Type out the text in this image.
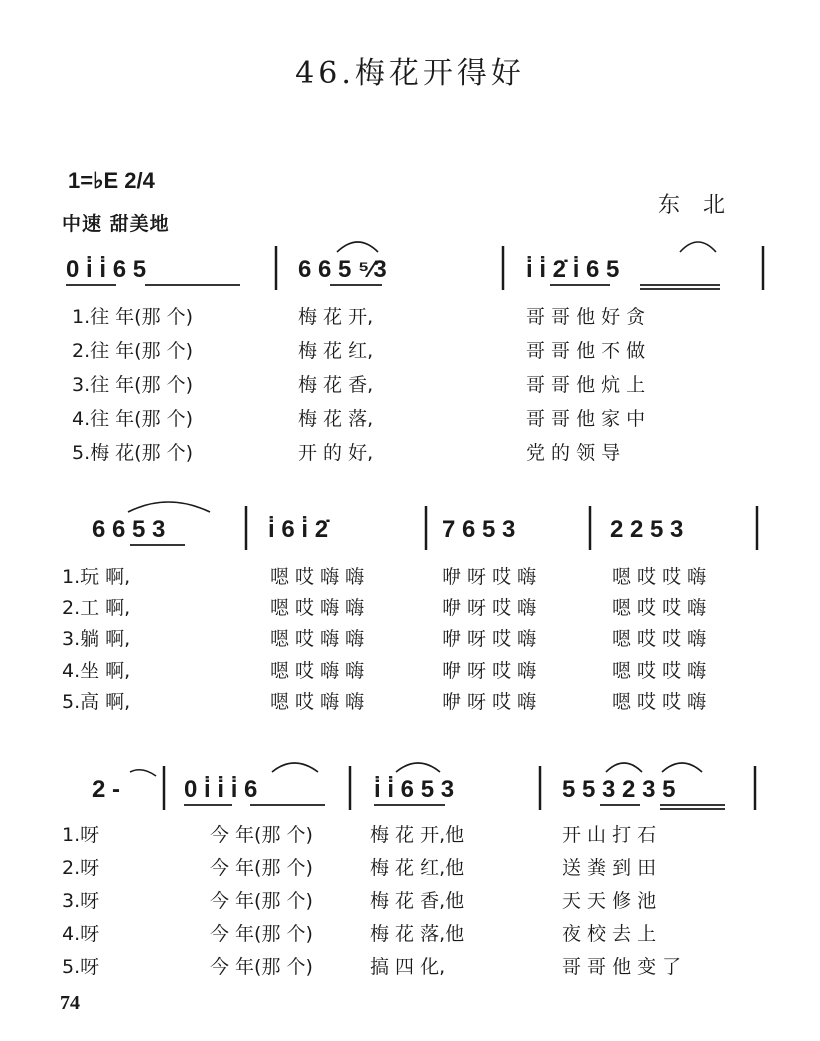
46.梅花开得好
1=♭E 2/4
中速 甜美地
东 北
0 i̇ i̇ 6 5	6 6 5 ⁵⁄3	i̇ i̇ 2̇ i̇ 6 5
1.往 年(那 个)	梅 花 开,	哥 哥 他 好 贪
2.往 年(那 个)	梅 花 红,	哥 哥 他 不 做
3.往 年(那 个)	梅 花 香,	哥 哥 他 炕 上
4.往 年(那 个)	梅 花 落,	哥 哥 他 家 中
5.梅 花(那 个)	开 的 好,	党 的 领 导
6 6 5 3	i̇ 6 i̇ 2̇	7 6 5 3	2 2 5 3
1.玩 啊,	嗯 哎 嗨 嗨	咿 呀 哎 嗨	嗯 哎 哎 嗨
2.工 啊,	嗯 哎 嗨 嗨	咿 呀 哎 嗨	嗯 哎 哎 嗨
3.躺 啊,	嗯 哎 嗨 嗨	咿 呀 哎 嗨	嗯 哎 哎 嗨
4.坐 啊,	嗯 哎 嗨 嗨	咿 呀 哎 嗨	嗯 哎 哎 嗨
5.高 啊,	嗯 哎 嗨 嗨	咿 呀 哎 嗨	嗯 哎 哎 嗨
2 -	0 i̇ i̇ i̇ 6	i̇ i̇ 6 5 3	5 5 3 2 3 5
1.呀	今 年(那 个)	梅 花 开,他	开 山 打 石
2.呀	今 年(那 个)	梅 花 红,他	送 粪 到 田
3.呀	今 年(那 个)	梅 花 香,他	天 天 修 池
4.呀	今 年(那 个)	梅 花 落,他	夜 校 去 上
5.呀	今 年(那 个)	搞 四 化,	哥 哥 他 变 了
74
